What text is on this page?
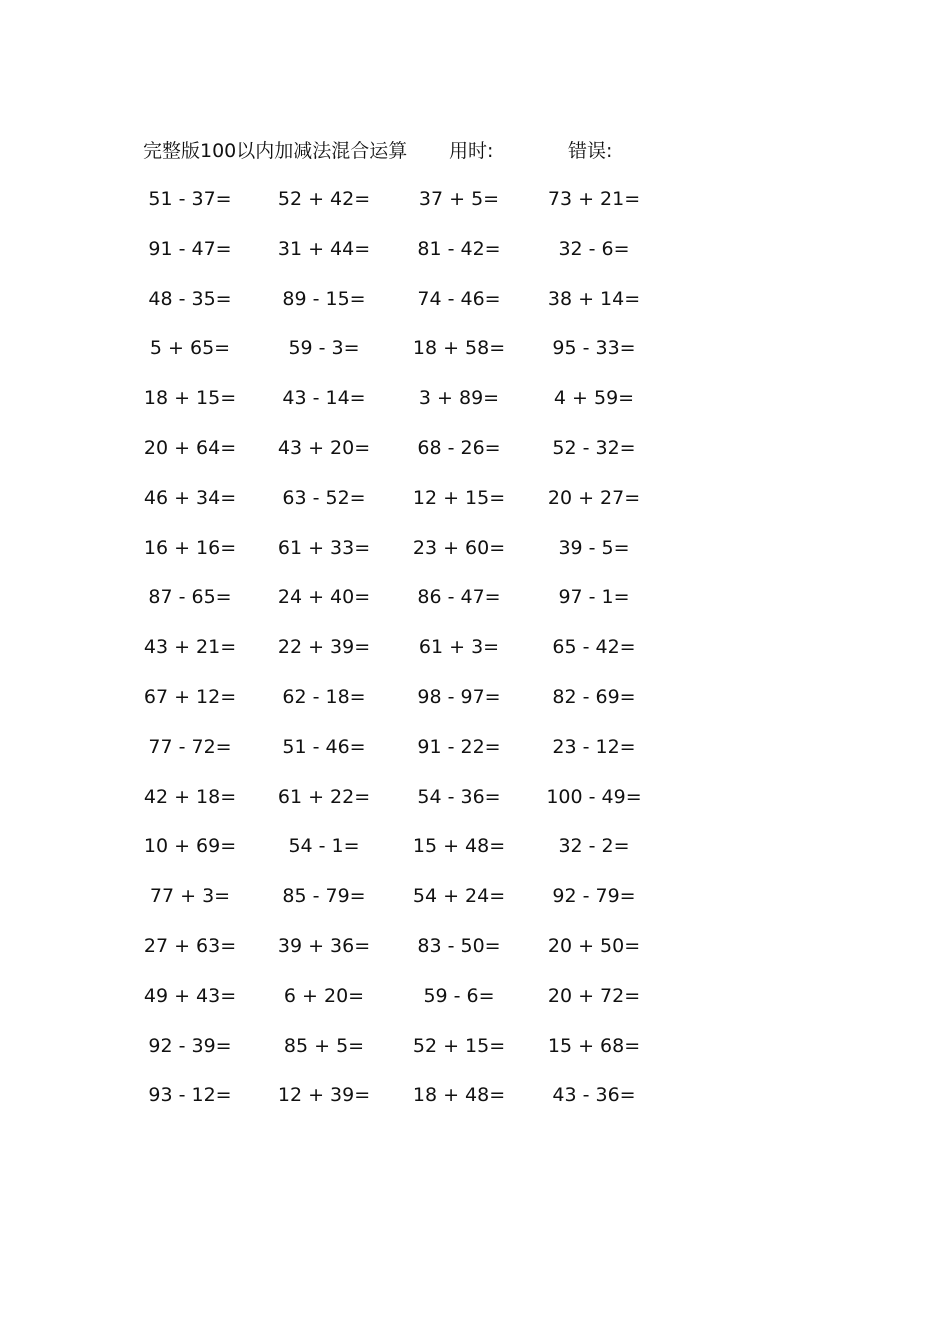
完整版100以内加减法混合运算 用时:	错误:
51 - 37=	52 + 42=	37 + 5=	73 + 21=
91 - 47=	31 + 44=	81 - 42=	32 - 6=
48 - 35=	89 - 15=	74 - 46=	38 + 14=
5 + 65=	59 - 3=	18 + 58=	95 - 33=
18 + 15=	43 - 14=	3 + 89=	4 + 59=
20 + 64=	43 + 20=	68 - 26=	52 - 32=
46 + 34=	63 - 52=	12 + 15=	20 + 27=
16 + 16=	61 + 33=	23 + 60=	39 - 5=
87 - 65=	24 + 40=	86 - 47=	97 - 1=
43 + 21=	22 + 39=	61 + 3=	65 - 42=
67 + 12=	62 - 18=	98 - 97=	82 - 69=
77 - 72=	51 - 46=	91 - 22=	23 - 12=
42 + 18=	61 + 22=	54 - 36=	100 - 49=
10 + 69=	54 - 1=	15 + 48=	32 - 2=
77 + 3=	85 - 79=	54 + 24=	92 - 79=
27 + 63=	39 + 36=	83 - 50=	20 + 50=
49 + 43=	6 + 20=	59 - 6=	20 + 72=
92 - 39=	85 + 5=	52 + 15=	15 + 68=
93 - 12=	12 + 39=	18 + 48=	43 - 36=
